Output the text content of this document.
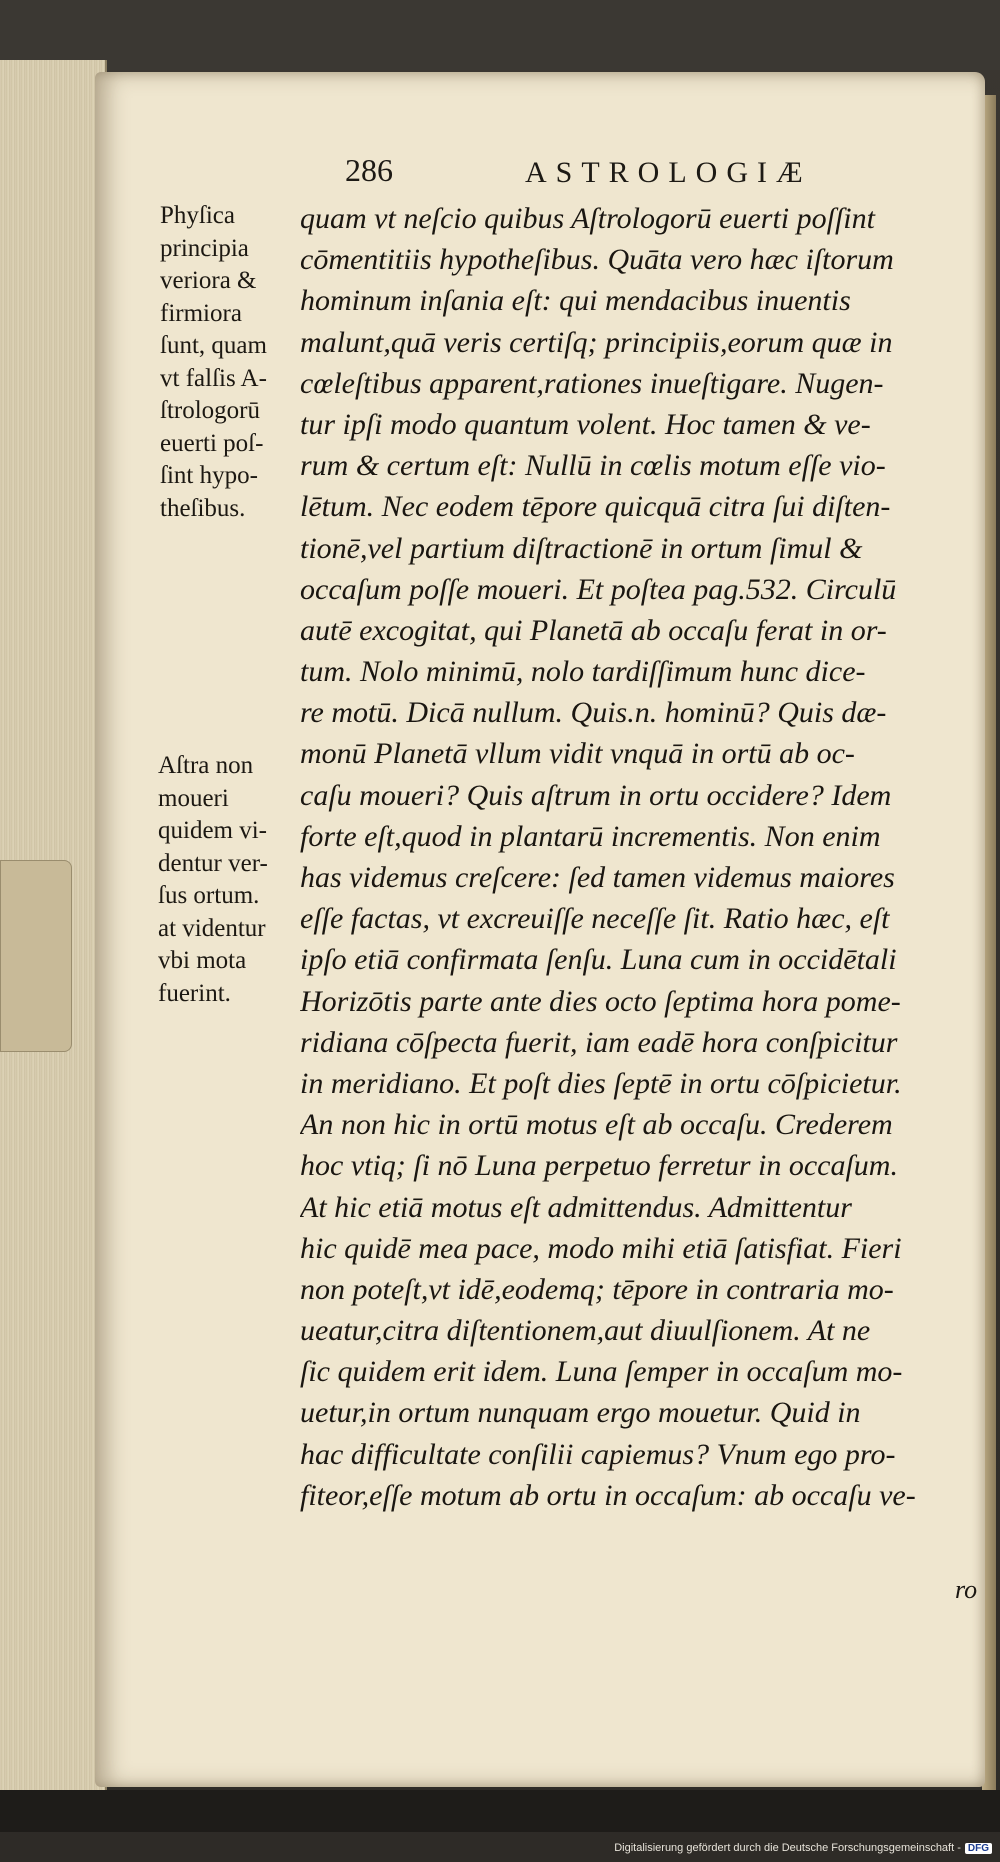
286	ASTROLOGIÆ
Phyſica
principia
veriora &
firmiora
ſunt, quam
vt falſis A-
ſtrologorū
euerti poſ-
ſint hypo-
theſibus.
Aſtra non
moueri
quidem vi-
dentur ver-
ſus ortum.
at videntur
vbi mota
fuerint.
quam vt neſcio quibus Aſtrologorū euerti poſſint
cōmentitiis hypotheſibus. Quāta vero hæc iſtorum
hominum inſania eſt: qui mendacibus inuentis
malunt,quā veris certiſq; principiis,eorum quæ in
cœleſtibus apparent,rationes inueſtigare. Nugen-
tur ipſi modo quantum volent. Hoc tamen & ve-
rum & certum eſt: Nullū in cœlis motum eſſe vio-
lētum. Nec eodem tēpore quicquā citra ſui diſten-
tionē,vel partium diſtractionē in ortum ſimul &
occaſum poſſe moueri. Et poſtea pag.532. Circulū
autē excogitat, qui Planetā ab occaſu ferat in or-
tum. Nolo minimū, nolo tardiſſimum hunc dice-
re motū. Dicā nullum. Quis.n. hominū? Quis dæ-
monū Planetā vllum vidit vnquā in ortū ab oc-
caſu moueri? Quis aſtrum in ortu occidere? Idem
forte eſt,quod in plantarū incrementis. Non enim
has videmus creſcere: ſed tamen videmus maiores
eſſe factas, vt excreuiſſe neceſſe ſit. Ratio hæc, eſt
ipſo etiā confirmata ſenſu. Luna cum in occidētali
Horizōtis parte ante dies octo ſeptima hora pome-
ridiana cōſpecta fuerit, iam eadē hora conſpicitur
in meridiano. Et poſt dies ſeptē in ortu cōſpicietur.
An non hic in ortū motus eſt ab occaſu. Crederem
hoc vtiq; ſi nō Luna perpetuo ferretur in occaſum.
At hic etiā motus eſt admittendus. Admittentur
hic quidē mea pace, modo mihi etiā ſatisfiat. Fieri
non poteſt,vt idē,eodemq; tēpore in contraria mo-
ueatur,citra diſtentionem,aut diuulſionem. At ne
ſic quidem erit idem. Luna ſemper in occaſum mo-
uetur,in ortum nunquam ergo mouetur. Quid in
hac difficultate conſilii capiemus? Vnum ego pro-
fiteor,eſſe motum ab ortu in occaſum: ab occaſu ve-
ro
Digitalisierung gefördert durch die Deutsche Forschungsgemeinschaft - DFG
